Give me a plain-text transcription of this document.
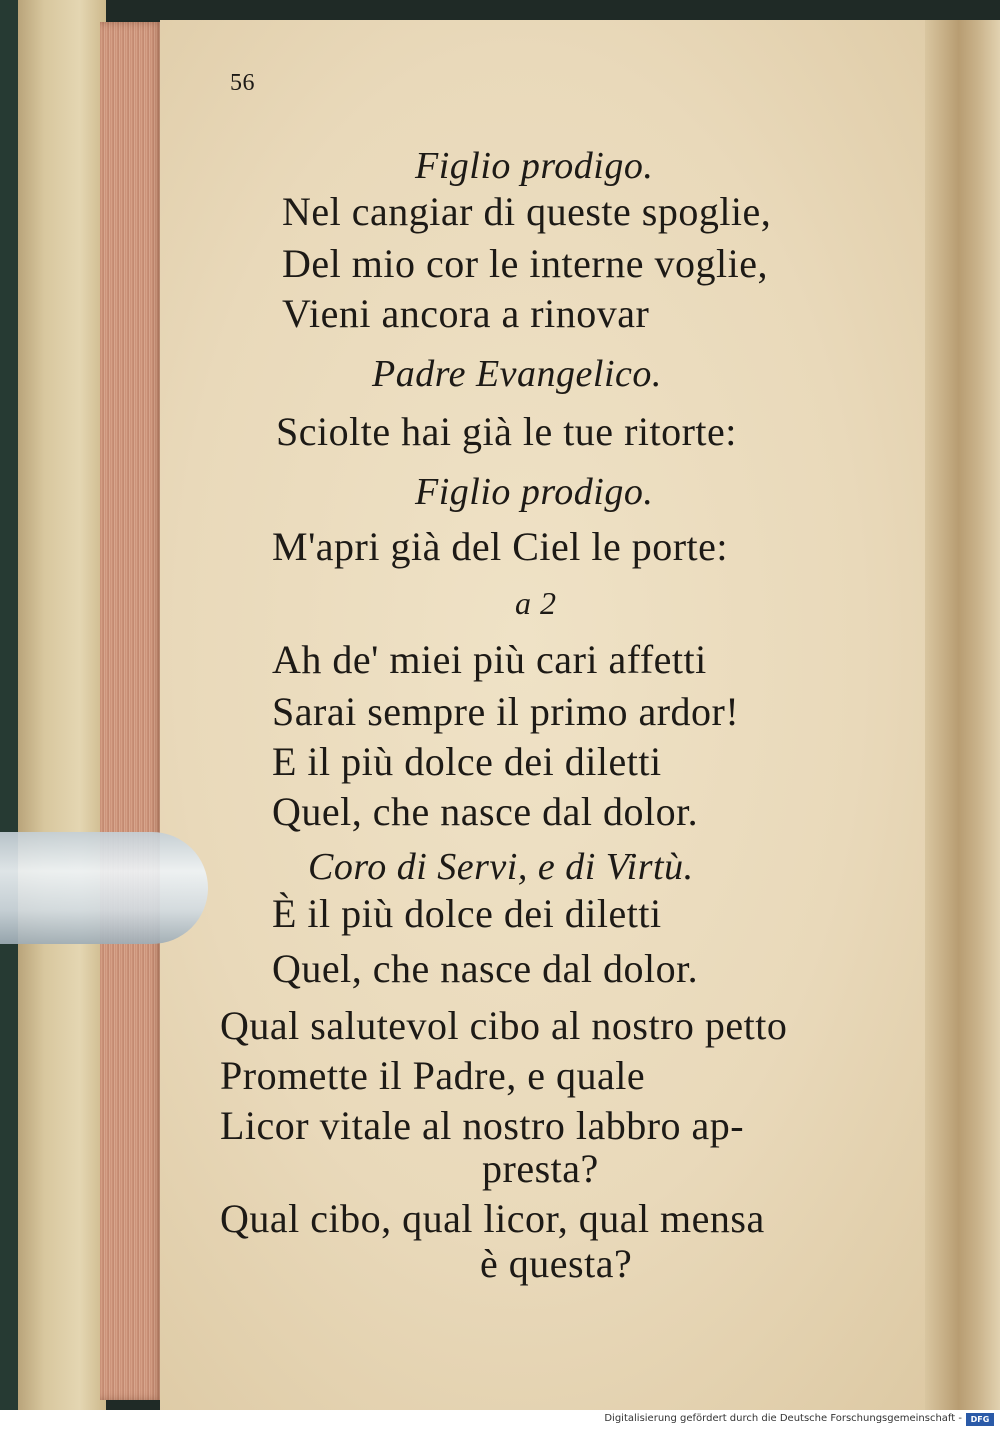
56
Figlio prodigo.
Nel cangiar di queste spoglie,
Del mio cor le interne voglie,
Vieni ancora a rinovar
Padre Evangelico.
Sciolte hai già le tue ritorte:
Figlio prodigo.
M'apri già del Ciel le porte:
a 2
Ah de' miei più cari affetti
Sarai sempre il primo ardor!
E il più dolce dei diletti
Quel, che nasce dal dolor.
Coro di Servi, e di Virtù.
È il più dolce dei diletti
Quel, che nasce dal dolor.
Qual salutevol cibo al nostro petto
Promette il Padre, e quale
Licor vitale al nostro labbro ap-
presta?
Qual cibo, qual licor, qual mensa
è questa?
Digitalisierung gefördert durch die Deutsche Forschungsgemeinschaft -	DFG
